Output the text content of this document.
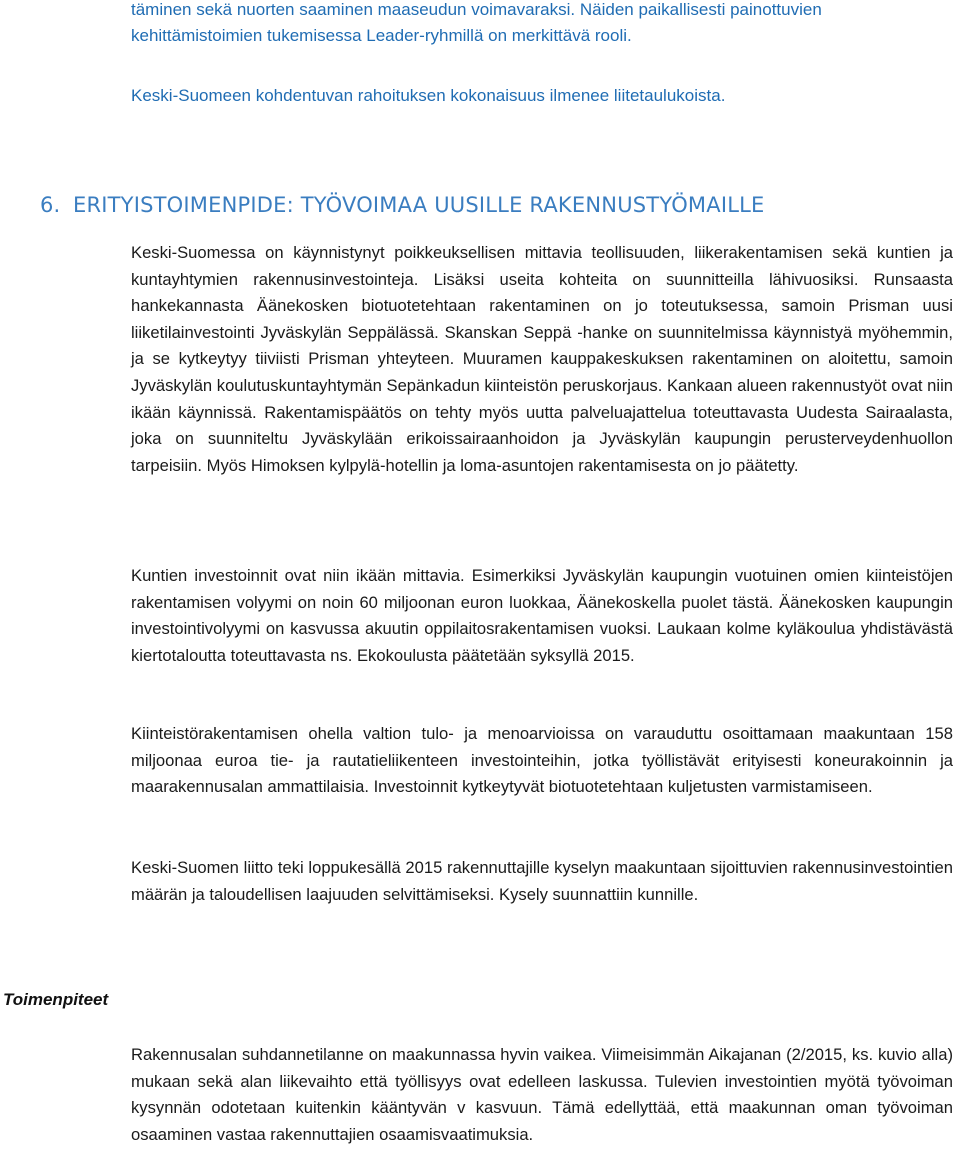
täminen sekä nuorten saaminen maaseudun voimavaraksi. Näiden paikallisesti painottuvien
kehittämistoimien tukemisessa Leader-ryhmillä on merkittävä rooli.
Keski-Suomeen kohdentuvan rahoituksen kokonaisuus ilmenee liitetaulukoista.
6. ERITYISTOIMENPIDE: TYÖVOIMAA UUSILLE RAKENNUSTYÖMAILLE
Keski-Suomessa on käynnistynyt poikkeuksellisen mittavia teollisuuden, liikerakentamisen sekä kuntien ja kuntayhtymien rakennusinvestointeja. Lisäksi useita kohteita on suunnitteilla lähivuosiksi. Runsaasta hankekannasta Äänekosken biotuotetehtaan rakentaminen on jo toteutuksessa, samoin Prisman uusi liiketilainvestointi Jyväskylän Seppälässä. Skanskan Seppä -hanke on suunnitelmissa käynnistyä myöhemmin, ja se kytkeytyy tiiviisti Prisman yhteyteen. Muuramen kauppakeskuksen rakentaminen on aloitettu, samoin Jyväskylän koulutuskuntayhtymän Sepänkadun kiinteistön peruskorjaus. Kankaan alueen rakennustyöt ovat niin ikään käynnissä. Rakentamispäätös on tehty myös uutta palveluajattelua toteuttavasta Uudesta Sairaalasta, joka on suunniteltu Jyväskylään erikoissairaanhoidon ja Jyväskylän kaupungin perusterveydenhuollon tarpeisiin. Myös Himoksen kylpylä-hotellin ja loma-asuntojen rakentamisesta on jo päätetty.
Kuntien investoinnit ovat niin ikään mittavia. Esimerkiksi Jyväskylän kaupungin vuotuinen omien kiinteistöjen rakentamisen volyymi on noin 60 miljoonan euron luokkaa, Äänekoskella puolet tästä. Äänekosken kaupungin investointivolyymi on kasvussa akuutin oppilaitosrakentamisen vuoksi. Laukaan kolme kyläkoulua yhdistävästä kiertotaloutta toteuttavasta ns. Ekokoulusta päätetään syksyllä 2015.
Kiinteistörakentamisen ohella valtion tulo- ja menoarvioissa on varauduttu osoittamaan maakuntaan 158 miljoonaa euroa tie- ja rautatieliikenteen investointeihin, jotka työllistävät erityisesti koneurakoinnin ja maarakennusalan ammattilaisia. Investoinnit kytkeytyvät biotuotetehtaan kuljetusten varmistamiseen.
Keski-Suomen liitto teki loppukesällä 2015 rakennuttajille kyselyn maakuntaan sijoittuvien rakennusinvestointien määrän ja taloudellisen laajuuden selvittämiseksi. Kysely suunnattiin kunnille.
Toimenpiteet
Rakennusalan suhdannetilanne on maakunnassa hyvin vaikea. Viimeisimmän Aikajanan (2/2015, ks. kuvio alla) mukaan sekä alan liikevaihto että työllisyys ovat edelleen laskussa. Tulevien investointien myötä työvoiman kysynnän odotetaan kuitenkin kääntyvän v kasvuun. Tämä edellyttää, että maakunnan oman työvoiman osaaminen vastaa rakennuttajien osaamisvaatimuksia.
